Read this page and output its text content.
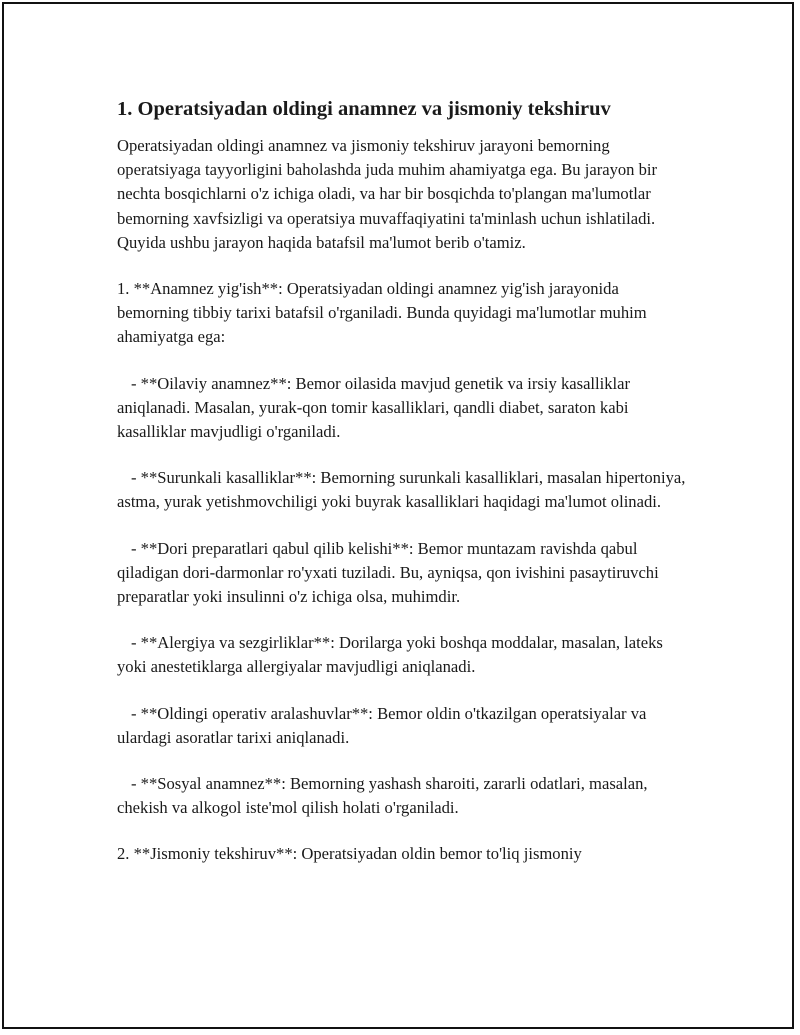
1. Operatsiyadan oldingi anamnez va jismoniy tekshiruv

Operatsiyadan oldingi anamnez va jismoniy tekshiruv jarayoni bemorning operatsiyaga tayyorligini baholashda juda muhim ahamiyatga ega. Bu jarayon bir nechta bosqichlarni o'z ichiga oladi, va har bir bosqichda to'plangan ma'lumotlar bemorning xavfsizligi va operatsiya muvaffaqiyatini ta'minlash uchun ishlatiladi. Quyida ushbu jarayon haqida batafsil ma'lumot berib o'tamiz.

1. **Anamnez yig'ish**: Operatsiyadan oldingi anamnez yig'ish jarayonida bemorning tibbiy tarixi batafsil o'rganiladi. Bunda quyidagi ma'lumotlar muhim ahamiyatga ega:

- **Oilaviy anamnez**: Bemor oilasida mavjud genetik va irsiy kasalliklar aniqlanadi. Masalan, yurak-qon tomir kasalliklari, qandli diabet, saraton kabi kasalliklar mavjudligi o'rganiladi.

- **Surunkali kasalliklar**: Bemorning surunkali kasalliklari, masalan hipertoniya, astma, yurak yetishmovchiligi yoki buyrak kasalliklari haqidagi ma'lumot olinadi.

- **Dori preparatlari qabul qilib kelishi**: Bemor muntazam ravishda qabul qiladigan dori-darmonlar ro'yxati tuziladi. Bu, ayniqsa, qon ivishini pasaytiruvchi preparatlar yoki insulinni o'z ichiga olsa, muhimdir.

- **Alergiya va sezgirliklar**: Dorilarga yoki boshqa moddalar, masalan, lateks yoki anestetiklarga allergiyalar mavjudligi aniqlanadi.

- **Oldingi operativ aralashuvlar**: Bemor oldin o'tkazilgan operatsiyalar va ulardagi asoratlar tarixi aniqlanadi.

- **Sosyal anamnez**: Bemorning yashash sharoiti, zararli odatlari, masalan, chekish va alkogol iste'mol qilish holati o'rganiladi.

2. **Jismoniy tekshiruv**: Operatsiyadan oldin bemor to'liq jismoniy
